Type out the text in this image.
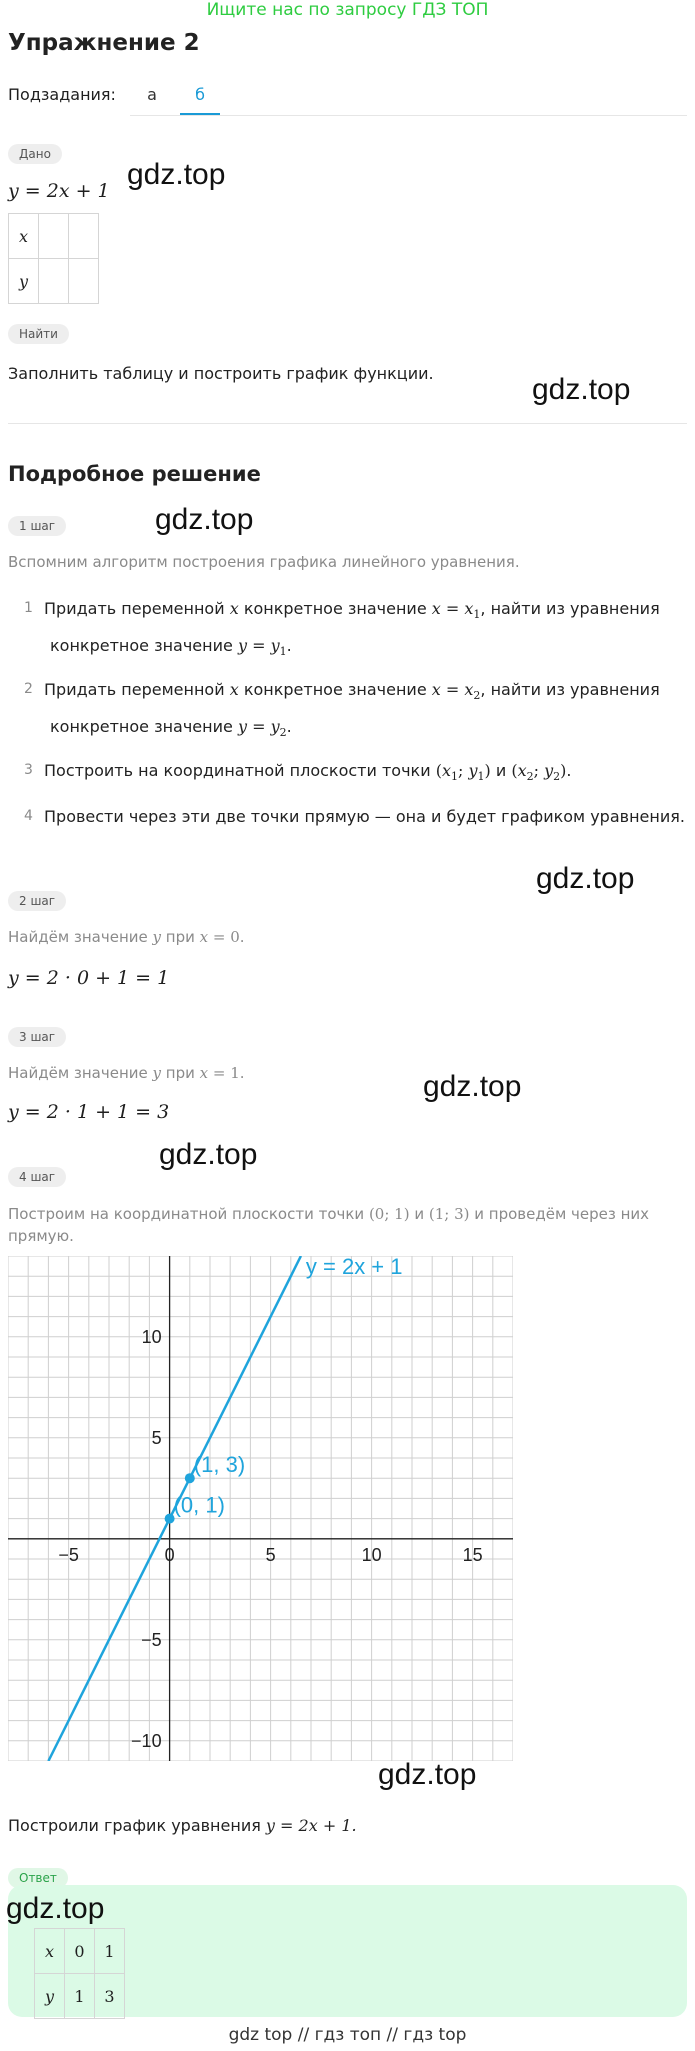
Ищите нас по запросу ГДЗ ТОП
Упражнение 2
Подзадания:	а	б
Дано
y = 2x + 1
x		
y		
Найти
Заполнить таблицу и построить график функции.
Подробное решение
1 шаг
Вспомним алгоритм построения графика линейного уравнения.
1 Придать переменной x конкретное значение $x = x_1$, найти из уравнения
конкретное значение $y = y_1$.
2 Придать переменной x конкретное значение $x = x_2$, найти из уравнения
конкретное значение $y = y_2$.
3 Построить на координатной плоскости точки ($x_1$; $y_1$) и ($x_2$; $y_2$).
4 Провести через эти две точки прямую — она и будет графиком уравнения.
2 шаг
Найдём значение y при x = 0.
y = 2 · 0 + 1 = 1
3 шаг
Найдём значение y при x = 1.
y = 2 · 1 + 1 = 3
4 шаг
Построим на координатной плоскости точки (0; 1) и (1; 3) и проведём через них
прямую.
−5	0	5	10	15
−10
−5
5
10
y = 2x + 1
(0, 1)
(1, 3)
Построили график уравнения y = 2x + 1.
Ответ
x	0	1
y	1	3
gdz top // гдз топ // гдз top
gdz.top
gdz.top
gdz.top
gdz.top
gdz.top
gdz.top
gdz.top
gdz.top
